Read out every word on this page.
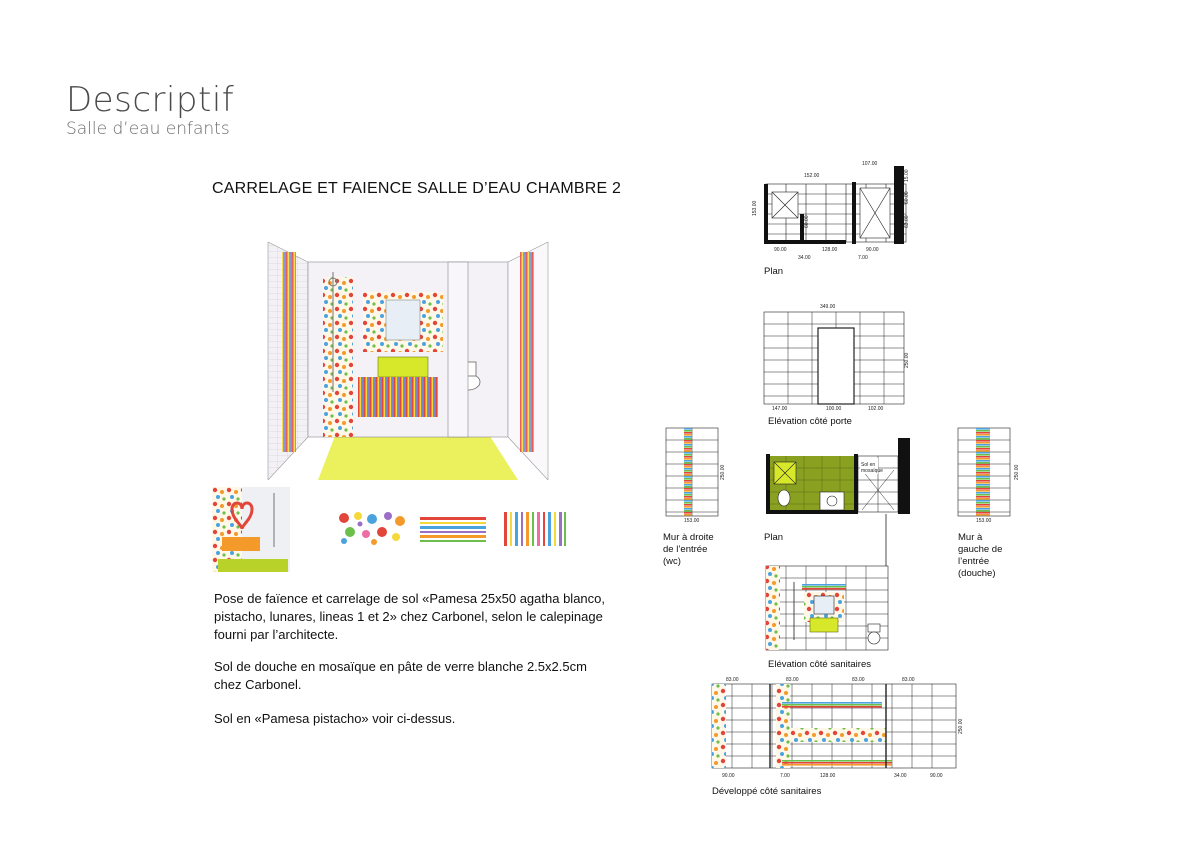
Descriptif
Salle d’eau enfants
CARRELAGE ET FAIENCE SALLE D’EAU CHAMBRE 2
Pose de faïence et carrelage de sol «Pamesa 25x50 agatha blanco,
pistacho, lunares, lineas 1 et 2» chez Carbonel, selon le calepinage
fourni par l’architecte.
Sol de douche en mosaïque en pâte de verre blanche 2.5x2.5cm
chez Carbonel.
Sol en «Pamesa pistacho» voir ci-dessus.
152.00
107.00
153.00
15.00
60.00
63.00
60.00
90.00	128.00	90.00
34.00	7.00
Plan
349.00
250.00
147.00	100.00	102.00
Elévation côté porte
250.00
153.00
Mur à droite
de l’entrée
(wc)
Sol en
mosaïque
Plan
250.00
153.00
Mur à
gauche de
l’entrée
(douche)
Elévation côté sanitaires
83.00	83.00	83.00	83.00
250.00
90.00	7.00	128.00	34.00	90.00
Développé côté sanitaires
